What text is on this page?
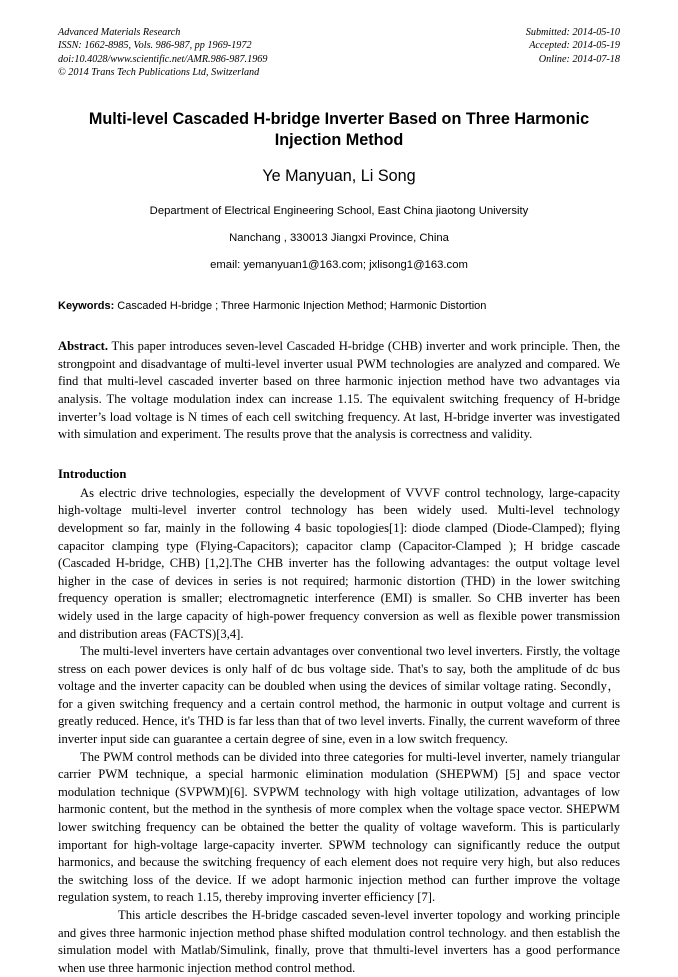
Advanced Materials Research
ISSN: 1662-8985, Vols. 986-987, pp 1969-1972
doi:10.4028/www.scientific.net/AMR.986-987.1969
© 2014 Trans Tech Publications Ltd, Switzerland
Submitted: 2014-05-10
Accepted: 2014-05-19
Online: 2014-07-18
Multi-level Cascaded H-bridge Inverter Based on Three Harmonic Injection Method
Ye Manyuan, Li Song
Department of Electrical Engineering School, East China jiaotong University
Nanchang , 330013 Jiangxi Province, China
email: yemanyuan1@163.com; jxlisong1@163.com
Keywords: Cascaded H-bridge ; Three Harmonic Injection Method; Harmonic Distortion
Abstract. This paper introduces seven-level Cascaded H-bridge (CHB) inverter and work principle. Then, the strongpoint and disadvantage of multi-level inverter usual PWM technologies are analyzed and compared. We find that multi-level cascaded inverter based on three harmonic injection method have two advantages via analysis. The voltage modulation index can increase 1.15. The equivalent switching frequency of H-bridge inverter’s load voltage is N times of each cell switching frequency. At last, H-bridge inverter was investigated with simulation and experiment. The results prove that the analysis is correctness and validity.
Introduction

As electric drive technologies, especially the development of VVVF control technology, large-capacity high-voltage multi-level inverter control technology has been widely used. Multi-level technology development so far, mainly in the following 4 basic topologies[1]: diode clamped (Diode-Clamped); flying capacitor clamping type (Flying-Capacitors); capacitor clamp (Capacitor-Clamped ); H bridge cascade (Cascaded H-bridge, CHB) [1,2].The CHB inverter has the following advantages: the output voltage level higher in the case of devices in series is not required; harmonic distortion (THD) in the lower switching frequency operation is smaller; electromagnetic interference (EMI) is smaller. So CHB inverter has been widely used in the large capacity of high-power frequency conversion as well as flexible power transmission and distribution areas (FACTS)[3,4].

The multi-level inverters have certain advantages over conventional two level inverters. Firstly, the voltage stress on each power devices is only half of dc bus voltage side. That's to say, both the amplitude of dc bus voltage and the inverter capacity can be doubled when using the devices of similar voltage rating. Secondly， for a given switching frequency and a certain control method, the harmonic in output voltage and current is greatly reduced. Hence, it's THD is far less than that of two level inverts. Finally, the current waveform of three inverter input side can guarantee a certain degree of sine, even in a low switch frequency.

The PWM control methods can be divided into three categories for multi-level inverter, namely triangular carrier PWM technique, a special harmonic elimination modulation (SHEPWM) [5] and space vector modulation technique (SVPWM)[6]. SVPWM technology with high voltage utilization, advantages of low harmonic content, but the method in the synthesis of more complex when the voltage space vector. SHEPWM lower switching frequency can be obtained the better the quality of voltage waveform. This is particularly important for high-voltage large-capacity inverter. SPWM technology can significantly reduce the output harmonics, and because the switching frequency of each element does not require very high, but also reduces the switching loss of the device. If we adopt harmonic injection method can further improve the voltage regulation system, to reach 1.15, thereby improving inverter efficiency [7].

This article describes the H-bridge cascaded seven-level inverter topology and working principle and gives three harmonic injection method phase shifted modulation control technology. and then establish the simulation model with Matlab/Simulink, finally, prove that thmulti-level inverters has a good performance when use three harmonic injection method control method.
